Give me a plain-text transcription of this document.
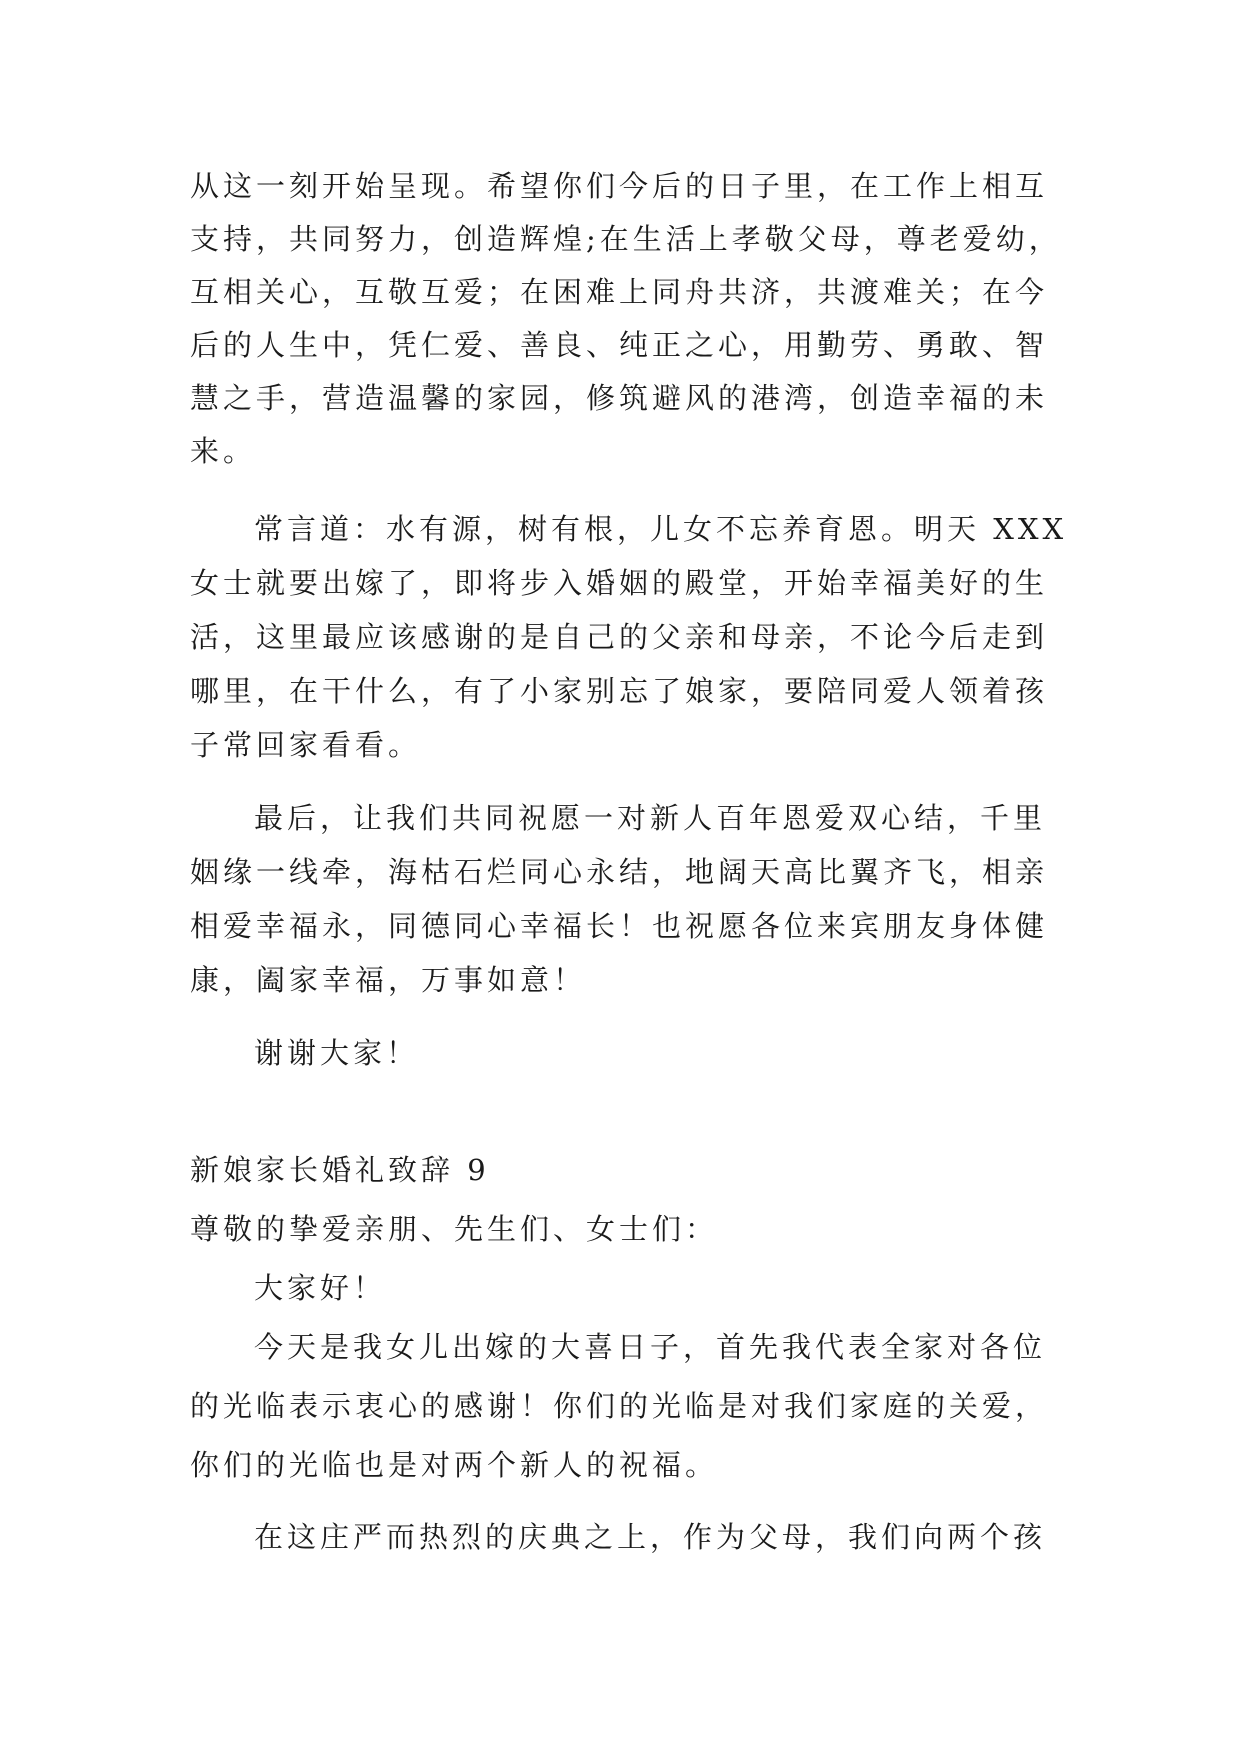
从这一刻开始呈现。希望你们今后的日子里，在工作上相互
支持，共同努力，创造辉煌;在生活上孝敬父母，尊老爱幼，
互相关心，互敬互爱；在困难上同舟共济，共渡难关；在今
后的人生中，凭仁爱、善良、纯正之心，用勤劳、勇敢、智
慧之手，营造温馨的家园，修筑避风的港湾，创造幸福的未
来。
常言道：水有源，树有根，儿女不忘养育恩。明天 XXX
女士就要出嫁了，即将步入婚姻的殿堂，开始幸福美好的生
活，这里最应该感谢的是自己的父亲和母亲，不论今后走到
哪里，在干什么，有了小家别忘了娘家，要陪同爱人领着孩
子常回家看看。
最后，让我们共同祝愿一对新人百年恩爱双心结，千里
姻缘一线牵，海枯石烂同心永结，地阔天高比翼齐飞，相亲
相爱幸福永，同德同心幸福长！也祝愿各位来宾朋友身体健
康，阖家幸福，万事如意！
谢谢大家！
新娘家长婚礼致辞 9
尊敬的挚爱亲朋、先生们、女士们：
大家好！
今天是我女儿出嫁的大喜日子，首先我代表全家对各位
的光临表示衷心的感谢！你们的光临是对我们家庭的关爱，
你们的光临也是对两个新人的祝福。
在这庄严而热烈的庆典之上，作为父母，我们向两个孩
